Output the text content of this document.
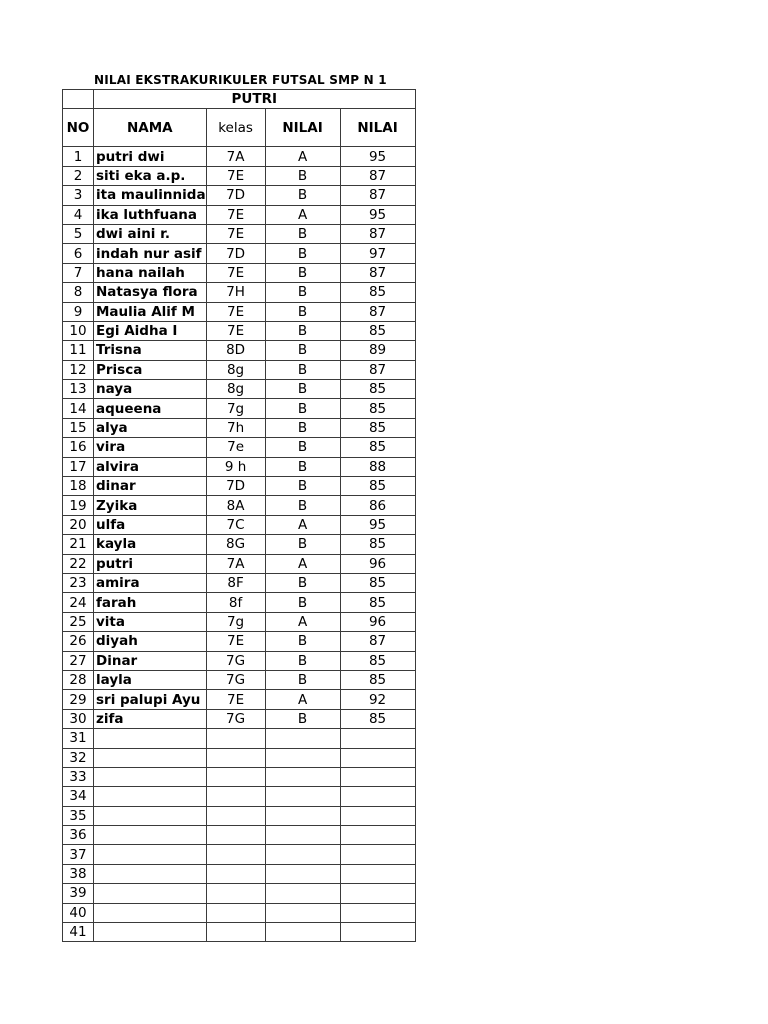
NILAI EKSTRAKURIKULER FUTSAL SMP N 1
	PUTRI			
NO	NAMA	kelas	NILAI	NILAI
1	putri dwi	7A	A	95
2	siti eka a.p.	7E	B	87
3	ita maulinnida	7D	B	87
4	ika luthfuana	7E	A	95
5	dwi aini r.	7E	B	87
6	indah nur asif	7D	B	97
7	hana nailah	7E	B	87
8	Natasya flora	7H	B	85
9	Maulia Alif M	7E	B	87
10	Egi Aidha I	7E	B	85
11	Trisna	8D	B	89
12	Prisca	8g	B	87
13	naya	8g	B	85
14	aqueena	7g	B	85
15	alya	7h	B	85
16	vira	7e	B	85
17	alvira	9 h	B	88
18	dinar	7D	B	85
19	Zyika	8A	B	86
20	ulfa	7C	A	95
21	kayla	8G	B	85
22	putri	7A	A	96
23	amira	8F	B	85
24	farah	8f	B	85
25	vita	7g	A	96
26	diyah	7E	B	87
27	Dinar	7G	B	85
28	layla	7G	B	85
29	sri palupi Ayu	7E	A	92
30	zifa	7G	B	85
31				
32				
33				
34				
35				
36				
37				
38				
39				
40				
41				
